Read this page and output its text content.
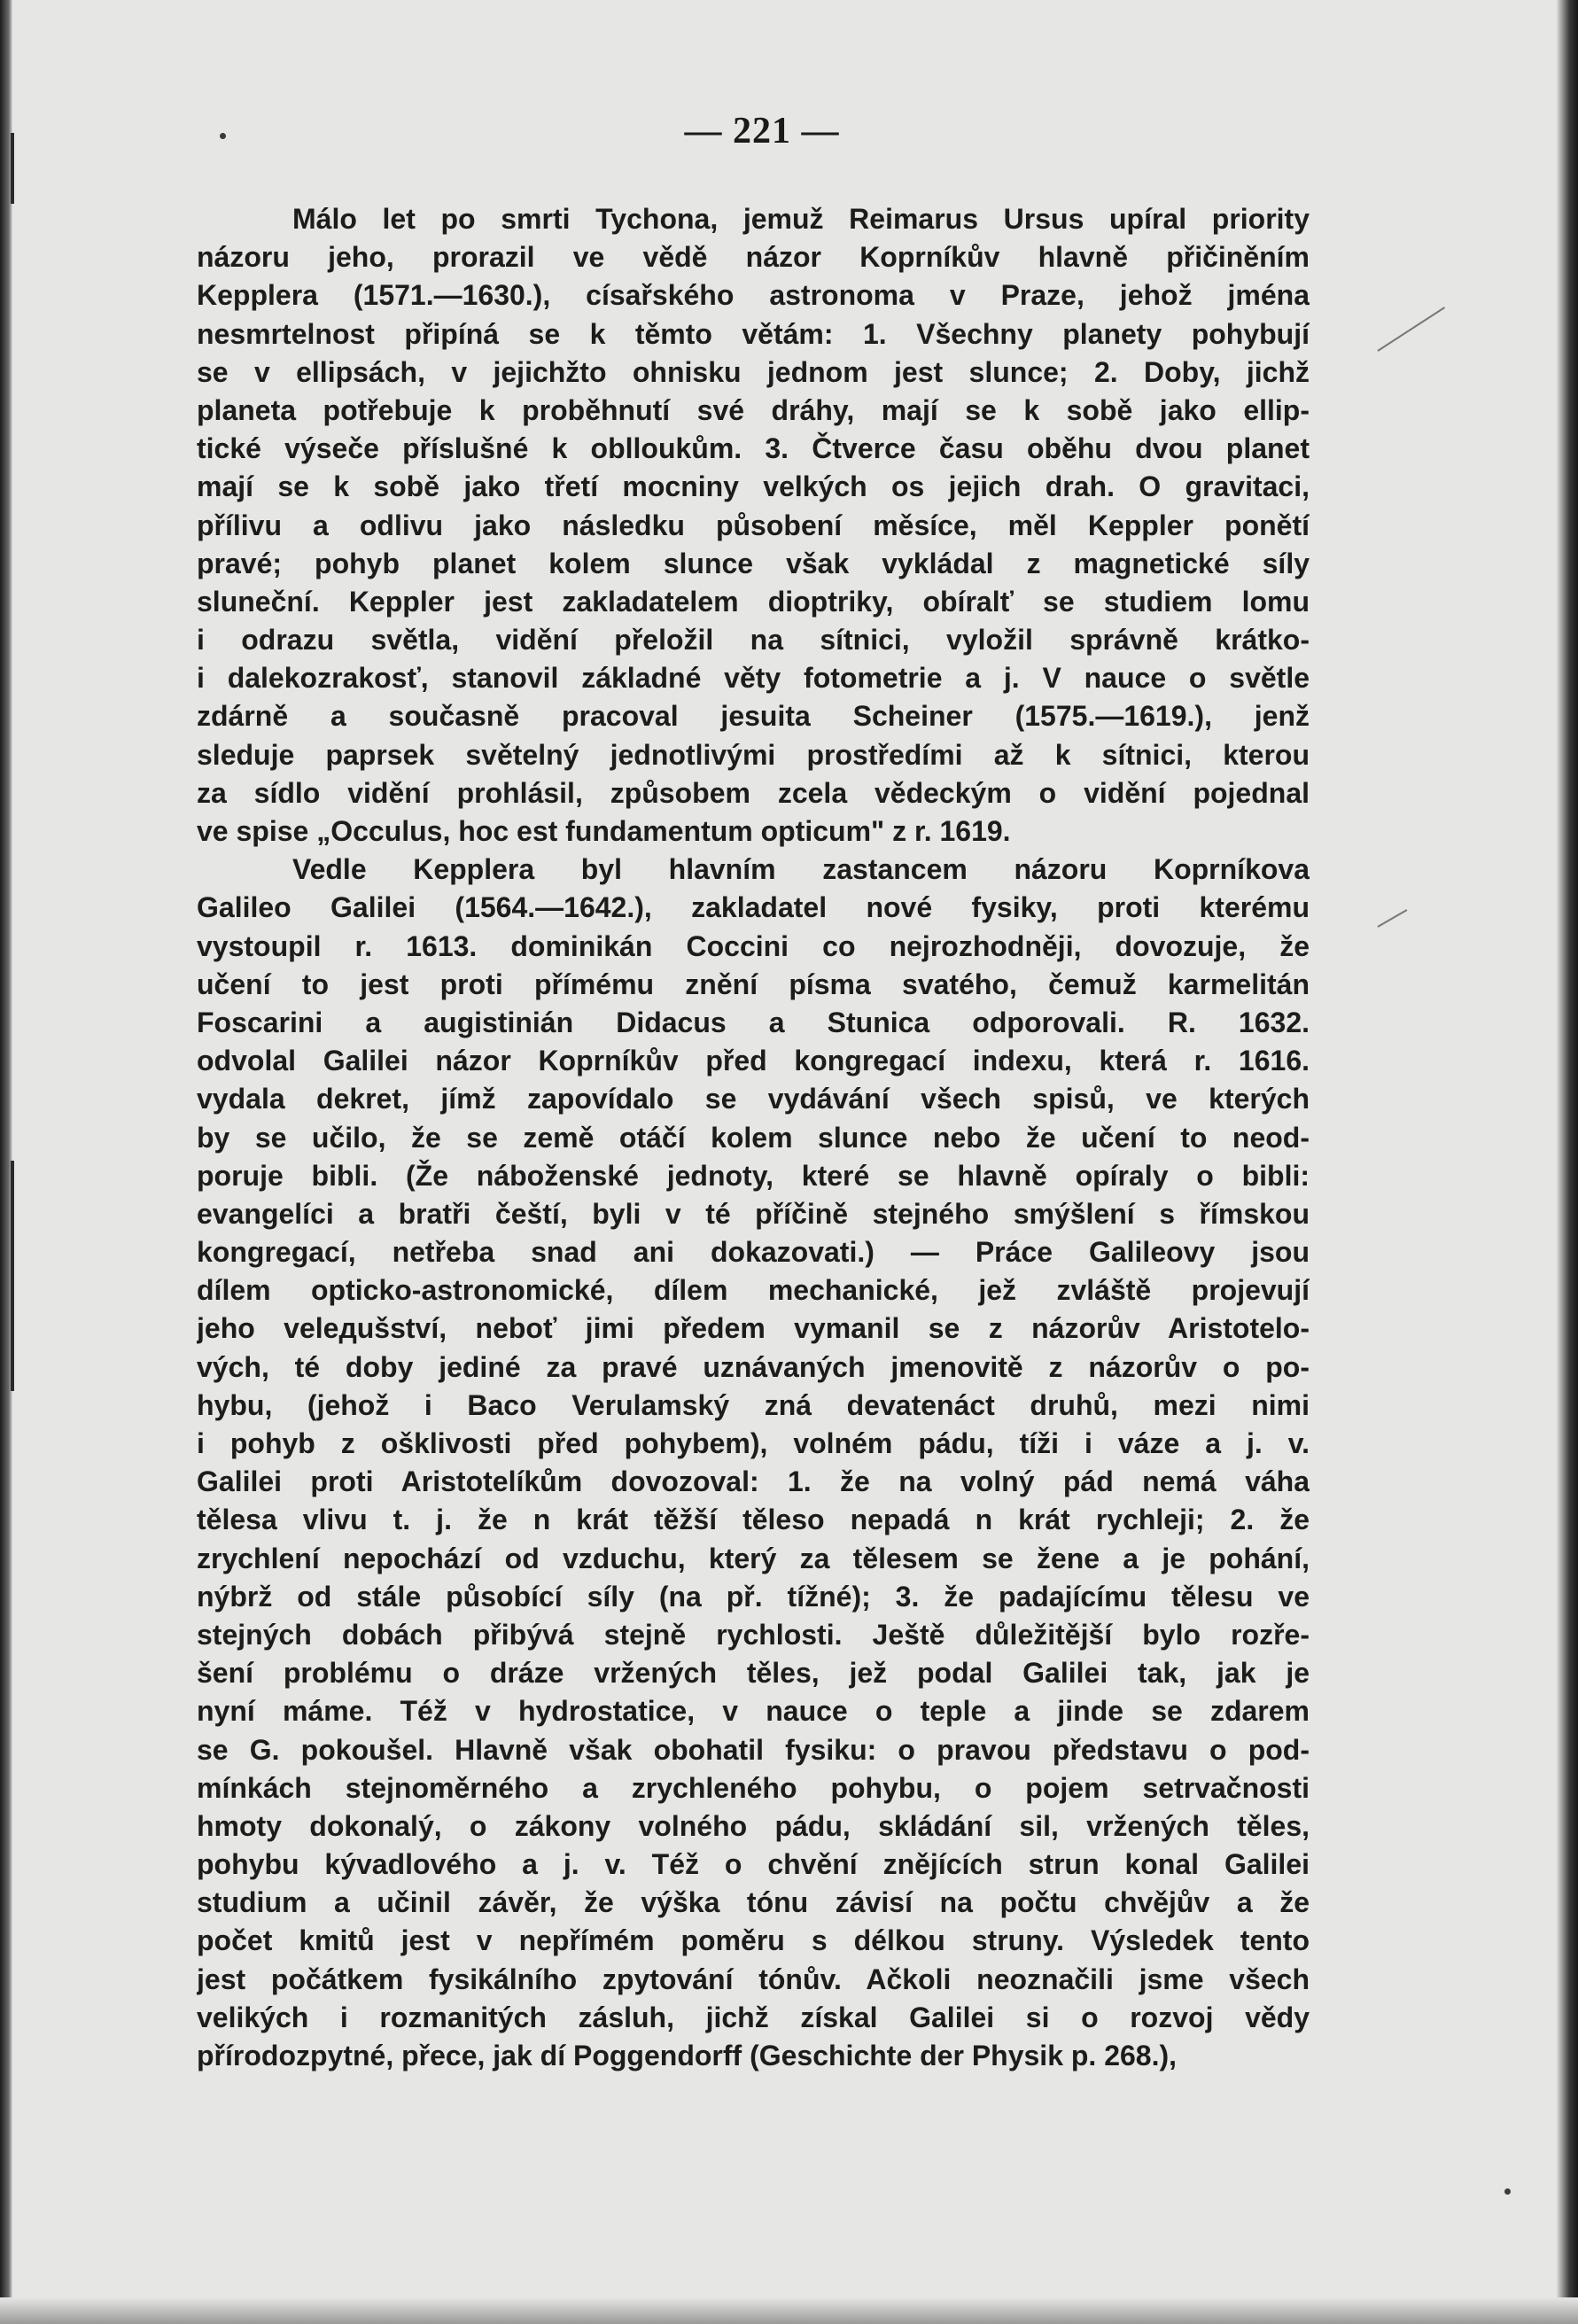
— 221 —
Málo let po smrti Tychona, jemuž Reimarus Ursus upíral priority
názoru jeho, prorazil ve vědě názor Koprníkův hlavně přičiněním
Kepplera (1571.—1630.), císařského astronoma v Praze, jehož jména
nesmrtelnost připíná se k těmto větám: 1. Všechny planety pohybují
se v ellipsách, v jejichžto ohnisku jednom jest slunce; 2. Doby, jichž
planeta potřebuje k proběhnutí své dráhy, mají se k sobě jako ellip-
tické výseče příslušné k oblloukům. 3. Čtverce času oběhu dvou planet
mají se k sobě jako třetí mocniny velkých os jejich drah. O gravitaci,
přílivu a odlivu jako následku působení měsíce, měl Keppler ponětí
pravé; pohyb planet kolem slunce však vykládal z magnetické síly
sluneční. Keppler jest zakladatelem dioptriky, obíralť se studiem lomu
i odrazu světla, vidění přeložil na sítnici, vyložil správně krátko-
i dalekozrakosť, stanovil základné věty fotometrie a j. V nauce o světle
zdárně a současně pracoval jesuita Scheiner (1575.—1619.), jenž
sleduje paprsek světelný jednotlivými prostředími až k sítnici, kterou
za sídlo vidění prohlásil, způsobem zcela vědeckým o vidění pojednal
ve spise „Occulus, hoc est fundamentum opticum" z r. 1619.
Vedle Kepplera byl hlavním zastancem názoru Koprníkova
Galileo Galilei (1564.—1642.), zakladatel nové fysiky, proti kterému
vystoupil r. 1613. dominikán Coccini co nejrozhodněji, dovozuje, že
učení to jest proti přímému znění písma svatého, čemuž karmelitán
Foscarini a augistinián Didacus a Stunica odporovali. R. 1632.
odvolal Galilei názor Koprníkův před kongregací indexu, která r. 1616.
vydala dekret, jímž zapovídalo se vydávání všech spisů, ve kterých
by se učilo, že se země otáčí kolem slunce nebo že učení to neod-
poruje bibli. (Že náboženské jednoty, které se hlavně opíraly o bibli:
evangelíci a bratři čeští, byli v té příčině stejného smýšlení s římskou
kongregací, netřeba snad ani dokazovati.) — Práce Galileovy jsou
dílem opticko-astronomické, dílem mechanické, jež zvláště projevují
jeho velедušství, neboť jimi předem vymanil se z názorův Aristotelo-
vých, té doby jediné za pravé uznávaných jmenovitě z názorův o po-
hybu, (jehož i Baco Verulamský zná devatenáct druhů, mezi nimi
i pohyb z ošklivosti před pohybem), volném pádu, tíži i váze a j. v.
Galilei proti Aristotelíkům dovozoval: 1. že na volný pád nemá váha
tělesa vlivu t. j. že n krát těžší těleso nepadá n krát rychleji; 2. že
zrychlení nepochází od vzduchu, který za tělesem se žene a je pohání,
nýbrž od stále působící síly (na př. tížné); 3. že padajícímu tělesu ve
stejných dobách přibývá stejně rychlosti. Ještě důležitější bylo rozře-
šení problému o dráze vržených těles, jež podal Galilei tak, jak je
nyní máme. Též v hydrostatice, v nauce o teple a jinde se zdarem
se G. pokoušel. Hlavně však obohatil fysiku: o pravou představu o pod-
mínkách stejnoměrného a zrychleného pohybu, o pojem setrvačnosti
hmoty dokonalý, o zákony volného pádu, skládání sil, vržených těles,
pohybu kývadlového a j. v. Též o chvění znějících strun konal Galilei
studium a učinil závěr, že výška tónu závisí na počtu chvějův a že
počet kmitů jest v nepřímém poměru s délkou struny. Výsledek tento
jest počátkem fysikálního zpytování tónův. Ačkoli neoznačili jsme všech
velikých i rozmanitých zásluh, jichž získal Galilei si o rozvoj vědy
přírodozpytné, přece, jak dí Poggendorff (Geschichte der Physik p. 268.),
